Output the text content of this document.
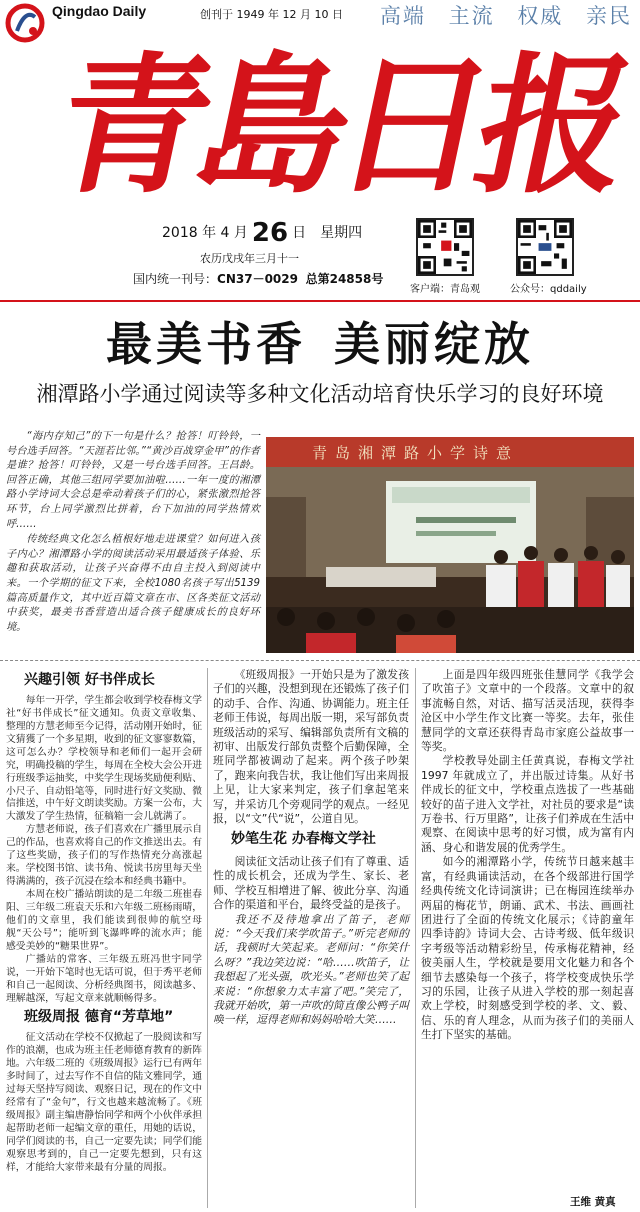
Qingdao Daily	创刊于 1949 年 12 月 10 日	高端 主流 权威 亲民
青島日报
2018 年 4 月 26 日 星期四
农历戊戌年三月十一
国内统一刊号：CN37－0029 总第24858号
客户端：青岛观	公众号：qddaily
最美书香 美丽绽放
湘潭路小学通过阅读等多种文化活动培育快乐学习的良好环境

“海内存知己”的下一句是什么？抢答！叮铃铃，一号台选手回答。“天涯若比邻。”“黄沙百战穿金甲”的作者是谁？抢答！叮铃铃，又是一号台选手回答。王昌龄。回答正确，其他三组同学要加油啦……一年一度的湘潭路小学诗词大会总是牵动着孩子们的心，紧张激烈抢答环节，台上同学激烈比拼着，台下加油的同学热情欢呼……

传统经典文化怎么植根好地走进课堂？如何进入孩子内心？湘潭路小学的阅读活动采用最适孩子体验、乐趣和获取活动，让孩子兴奋得不由自主投入到阅读中来。一个学期的征文下来，全校1080名孩子写出5139篇高质量作文，其中近百篇文章在市、区各类征文活动中获奖，最美书香营造出适合孩子健康成长的良好环境。

青岛湘潭路小学诗意

兴趣引领 好书伴成长

每年一开学，学生都会收到学校春梅文学社“好书伴成长”征文通知。负责文章收集、整理的方慧老师至今记得，活动刚开始时，征文猜獲了一个多星期，收到的征文寥寥数篇，这可怎么办？学校领导和老师们一起开会研究，明确投稿的学生，每周在全校大会公开进行班级季运抽奖，中奖学生现场奖励便利贴、小尺子、自动铅笔等，同时进行好文奖励、微信推送，中午好文朗读奖励。方案一公布，大大激发了学生热情，征稿箱一会儿就满了。

方慧老师说，孩子们喜欢在广播里展示自己的作品，也喜欢将自己的作文推送出去。有了这些奖励，孩子们的写作热情充分高涨起来。学校图书馆、读书角、悦读书房里每天坐得满满的，孩子沉浸在绘本和经典书籍中。

本周在校广播站朗读的是二年级二班崔春阳、三年级二班袁天乐和六年级二班杨雨晴，他们的文章里，我们能读到很帅的航空母舰“天公号”；能听到飞瀑哗哗的流水声；能感受美妙的“糖果世界”。

广播站的常客、三年级五班冯世宇同学说，一开始下笔时也无话可说，但于秀平老师和自己一起阅读、分析经典图书，阅读越多、理解越深，写起文章来就顺畅得多。

班级周报 德育“芳草地”

征文活动在学校不仅掀起了一股阅读和写作的浪潮，也成为班主任老师德育教育的新阵地。六年级二班的《班级周报》运行已有两年多时间了，过去写作不自信的陆文雅同学，通过每天坚持写阅读、观察日记，现在的作文中经常有了“金句”，行文也越来越流畅了。《班级周报》副主编唐静怡同学和两个小伙伴承担起帮助老师一起编文章的重任，用她的话说，同学们阅读的书，自己一定要先读；同学们能观察思考到的，自己一定要先想到，只有这样，才能给大家带来最有分量的周报。

《班级周报》一开始只是为了激发孩子们的兴趣，没想到现在还锻炼了孩子们的动手、合作、沟通、协调能力。班主任老师王伟说，每周出版一期，采写部负责班级活动的采写、编辑部负责所有文稿的初审、出版发行部负责整个后勤保障，全班同学都被调动了起来。两个孩子吵架了，跑来向我告状，我让他们写出来周报上见，让大家来判定，孩子们拿起笔来写，并采访几个旁观同学的观点。一经见报，以“文”代“说”，公道自见。

妙笔生花 办春梅文学社

阅读征文活动让孩子们有了尊重、适性的成长机会，还成为学生、家长、老师、学校互相增进了解、彼此分享、沟通合作的渠道和平台，最终受益的是孩子。

我还不及待地拿出了笛子，老师说：“今天我们来学吹笛子。”听完老师的话，我顿时大笑起来。老师问：“你笑什么呀？”我边笑边说：“哈……吹笛子，让我想起了光头强，吹光头。”老师也笑了起来说：“你想象力太丰富了吧。”笑完了，我就开始吹，第一声吹的简直像公鸭子叫唤一样，逗得老师和妈妈哈哈大笑……

上面是四年级四班张佳慧同学《我学会了吹笛子》文章中的一个段落。文章中的叙事流畅自然，对话、描写活灵活现，获得李沧区中小学生作文比赛一等奖。去年，张佳慧同学的文章还获得青岛市家庭公益故事一等奖。

学校教导处副主任黄真说，春梅文学社 1997 年就成立了，并出版过诗集。从好书伴成长的征文中，学校重点选拔了一些基础较好的苗子进入文学社，对社员的要求是“读万卷书、行万里路”，让孩子们养成在生活中观察、在阅读中思考的好习惯，成为富有内涵、身心和谐发展的优秀学生。

如今的湘潭路小学，传统节日越来越丰富，有经典诵读活动，在各个级部进行国学经典传统文化诗词演讲；已在梅园连续举办两届的梅花节，朗诵、武术、书法、画画社团进行了全面的传统文化展示；《诗韵童年 四季诗韵》诗词大会、古诗考级、低年级识字考级等活动精彩纷呈，传承梅花精神，经彼美丽人生，学校就是要用文化魅力和各个细节去感染每一个孩子，将学校变成快乐学习的乐园，让孩子从进入学校的那一刻起喜欢上学校，时刻感受到学校的孝、文、毅、信、乐的育人理念，从而为孩子们的美丽人生打下坚实的基础。

王维 黄真
